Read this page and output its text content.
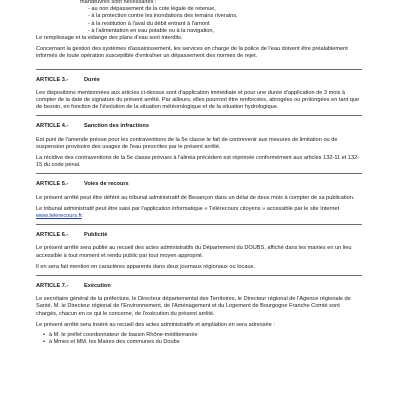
manœuvres sont nécessaires :

- au non dépassement de la cote légale de retenue,
- à la protection contre les inondations des terrains riverains,
- à la restitution à l'aval du débit entrant à l'amont
- à l'alimentation en eau potable ou à la navigation,

Le remplissage et la vidange des plans d'eau sont interdits.

Concernant la gestion des systèmes d'assainissement, les services en charge de la police de l'eau doivent être préalablement informés de toute opération susceptible d'entraîner un dépassement des normes de rejet.

ARTICLE 3.-	Durée

Les dispositions mentionnées aux articles ci-dessus sont d'application immédiate et pour une durée d'application de 3 mois à compter de la date de signature du présent arrêté. Par ailleurs, elles pourront être renforcées, abrogées ou prolongées en tant que de besoin, en fonction de l'évolution de la situation météorologique et de la situation hydrologique.

ARTICLE 4.-	Sanction des infractions

Est puni de l'amende prévue pour les contraventions de la 5e classe le fait de contrevenir aux mesures de limitation ou de suspension provisoire des usages de l'eau prescrites par le présent arrêté.

La récidive des contraventions de la 5e classe prévues à l'alinéa précédent est réprimée conformément aux articles 132-11 et 132-15 du code pénal.

ARTICLE 5.-	Voies de recours

Le présent arrêté peut être déféré au tribunal administratif de Besançon dans un délai de deux mois à compter de sa publication.

Le tribunal administratif peut être saisi par l'application informatique « Télérecours citoyens » accessible par le site Internet www.telerecours.fr.

ARTICLE 6.-	Publicité

Le présent arrêté sera publié au recueil des actes administratifs du Département du DOUBS, affiché dans les mairies en un lieu accessible à tout moment et rendu public par tout moyen approprié.

Il en sera fait mention en caractères apparents dans deux journaux régionaux ou locaux.

ARTICLE 7.-	Exécution

Le secrétaire général de la préfecture, le Directeur départemental des Territoires, le Directeur régional de l'Agence régionale de Santé, M. le Directeur régional de l'Environnement, de l'Aménagement et du Logement de Bourgogne Franche Comté sont chargés, chacun en ce qui le concerne, de l'exécution du présent arrêté.

Le présent arrêté sera inséré au recueil des actes administratifs et ampliation en sera adressée :

▪ à M. le préfet coordonnateur de bassin Rhône-méditerranée
▪ à Mmes et MM. les Maires des communes du Doubs
